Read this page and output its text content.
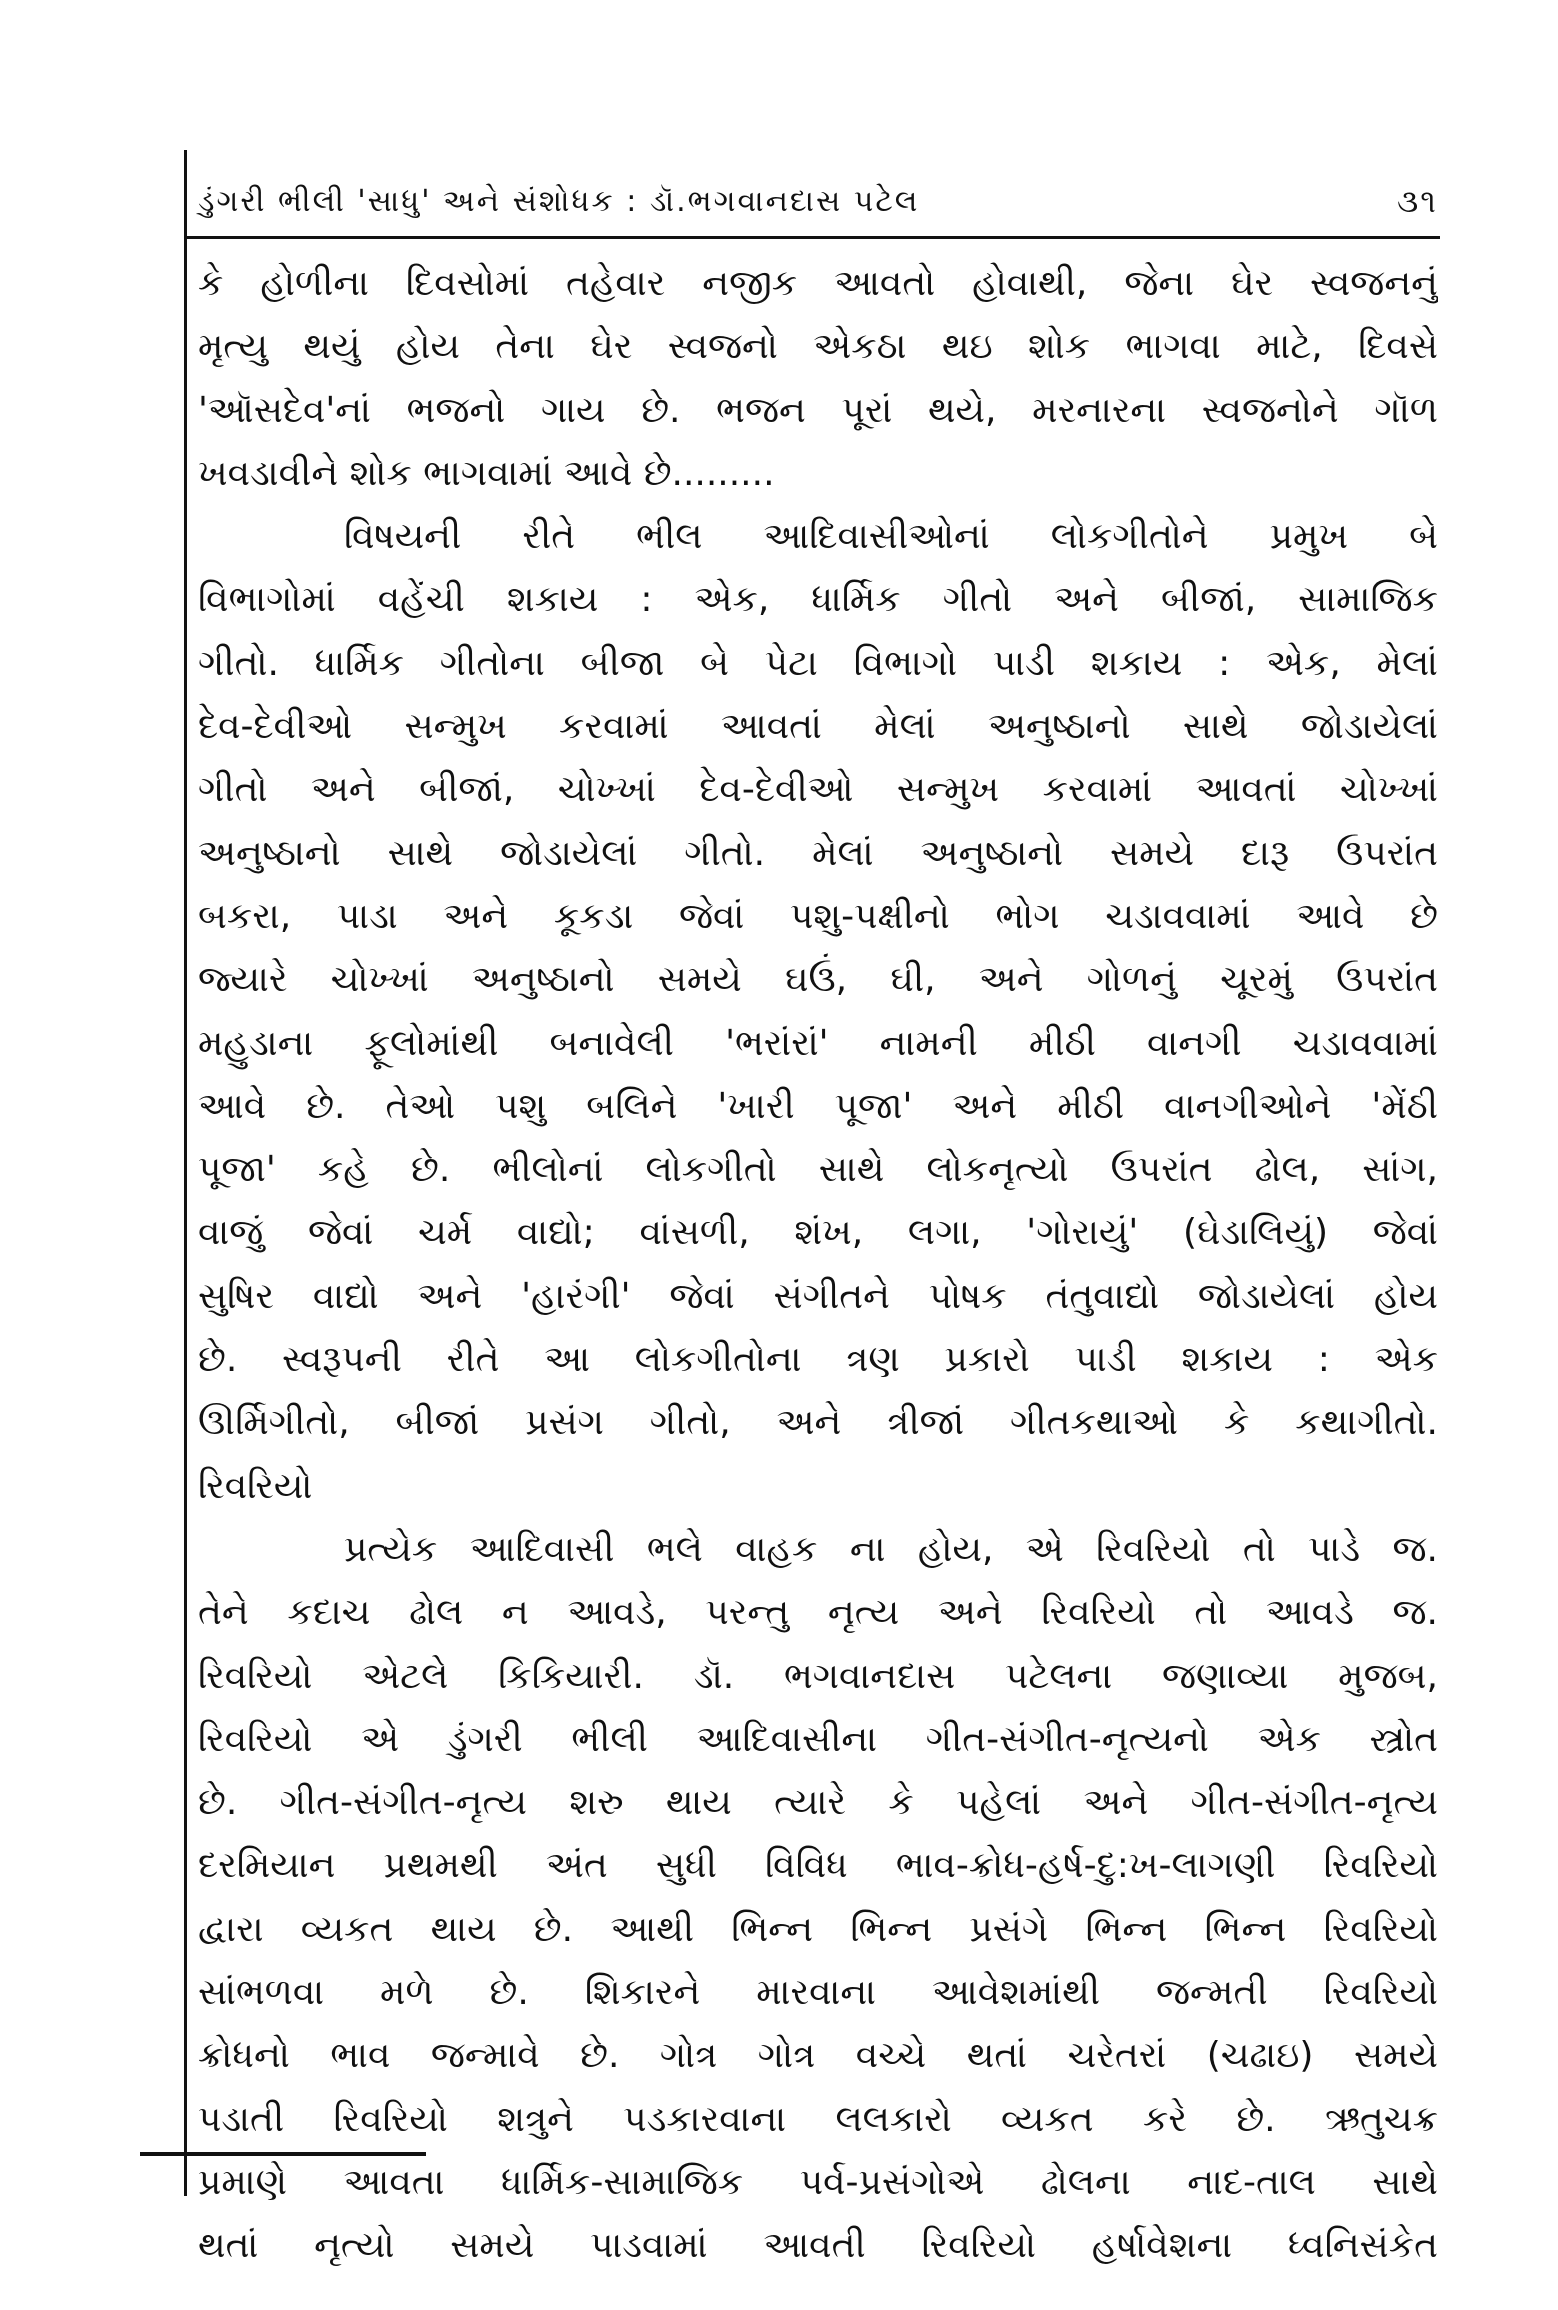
ડુંગરી ભીલી 'સાધુ' અને સંશોધક : ડૉ.ભગવાનદાસ પટેલ	૩૧
કે હોળીના દિવસોમાં તહેવાર નજીક આવતો હોવાથી, જેના ઘેર સ્વજનનું
મૃત્યુ થયું હોય તેના ઘેર સ્વજનો એકઠા થઇ શોક ભાગવા માટે, દિવસે
'ઑસદેવ'નાં ભજનો ગાય છે. ભજન પૂરાં થયે, મરનારના સ્વજનોને ગૉળ
ખવડાવીને શોક ભાગવામાં આવે છે.........
વિષયની રીતે ભીલ આદિવાસીઓનાં લોકગીતોને પ્રમુખ બે
વિભાગોમાં વહેંચી શકાય : એક, ધાર્મિક ગીતો અને બીજાં, સામાજિક
ગીતો. ધાર્મિક ગીતોના બીજા બે પેટા વિભાગો પાડી શકાય : એક, મેલાં
દેવ-દેવીઓ સન્મુખ કરવામાં આવતાં મેલાં અનુષ્ઠાનો સાથે જોડાયેલાં
ગીતો અને બીજાં, ચોખ્ખાં દેવ-દેવીઓ સન્મુખ કરવામાં આવતાં ચોખ્ખાં
અનુષ્ઠાનો સાથે જોડાયેલાં ગીતો. મેલાં અનુષ્ઠાનો સમયે દારૂ ઉપરાંત
બકરા, પાડા અને કૂકડા જેવાં પશુ-પક્ષીનો ભોગ ચડાવવામાં આવે છે
જ્યારે ચોખ્ખાં અનુષ્ઠાનો સમયે ઘઉં, ઘી, અને ગોળનું ચૂરમું ઉપરાંત
મહુડાના ફૂલોમાંથી બનાવેલી 'ભરાંરાં' નામની મીઠી વાનગી ચડાવવામાં
આવે છે. તેઓ પશુ બલિને 'ખારી પૂજા' અને મીઠી વાનગીઓને 'મેંઠી
પૂજા' કહે છે. ભીલોનાં લોકગીતો સાથે લોકનૃત્યો ઉપરાંત ઢોલ, સાંગ,
વાજું જેવાં ચર્મ વાદ્યો; વાંસળી, શંખ, લગા, 'ગોરાયું' (ઘેડાલિયું) જેવાં
સુષિર વાદ્યો અને 'હારંગી' જેવાં સંગીતને પોષક તંતુવાદ્યો જોડાયેલાં હોય
છે. સ્વરૂપની રીતે આ લોકગીતોના ત્રણ પ્રકારો પાડી શકાય : એક
ઊર્મિગીતો, બીજાં પ્રસંગ ગીતો, અને ત્રીજાં ગીતકથાઓ કે કથાગીતો.
રિવરિયો
પ્રત્યેક આદિવાસી ભલે વાહક ના હોય, એ રિવરિયો તો પાડે જ.
તેને કદાચ ઢોલ ન આવડે, પરન્તુ નૃત્ય અને રિવરિયો તો આવડે જ.
રિવરિયો એટલે કિકિયારી. ડૉ. ભગવાનદાસ પટેલના જણાવ્યા મુજબ,
રિવરિયો એ ડુંગરી ભીલી આદિવાસીના ગીત-સંગીત-નૃત્યનો એક સ્ત્રોત
છે. ગીત-સંગીત-નૃત્ય શરુ થાય ત્યારે કે પહેલાં અને ગીત-સંગીત-નૃત્ય
દરમિયાન પ્રથમથી અંત સુધી વિવિધ ભાવ-ક્રોધ-હર્ષ-દુ:ખ-લાગણી રિવરિયો
દ્વારા વ્યકત થાય છે. આથી ભિન્ન ભિન્ન પ્રસંગે ભિન્ન ભિન્ન રિવરિયો
સાંભળવા મળે છે. શિકારને મારવાના આવેશમાંથી જન્મતી રિવરિયો
ક્રોધનો ભાવ જન્માવે છે. ગોત્ર ગોત્ર વચ્ચે થતાં ચરેતરાં (ચઢાઇ) સમયે
પડાતી રિવરિયો શત્રુને પડકારવાના લલકારો વ્યકત કરે છે. ઋતુચક્ર
પ્રમાણે આવતા ધાર્મિક-સામાજિક પર્વ-પ્રસંગોએ ઢોલના નાદ-તાલ સાથે
થતાં નૃત્યો સમયે પાડવામાં આવતી રિવરિયો હર્ષાવેશના ધ્વનિસંકેત
